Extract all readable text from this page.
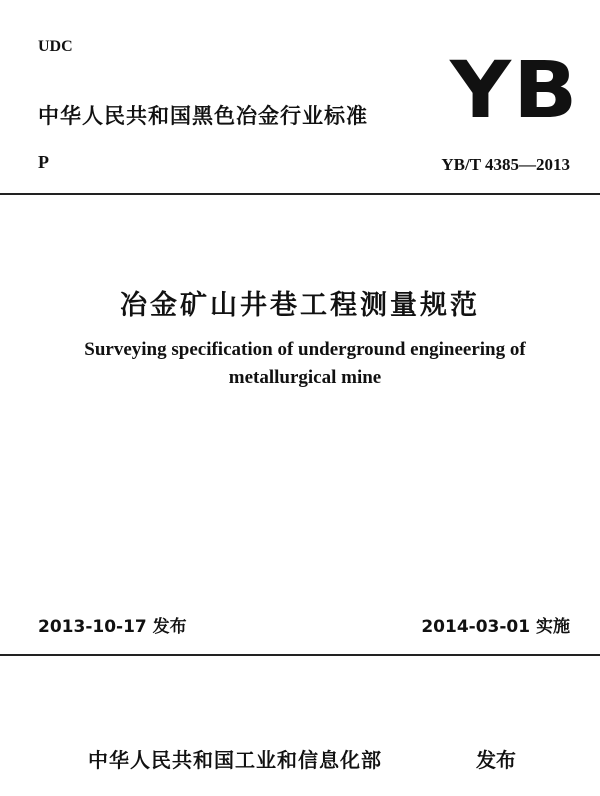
UDC
中华人民共和国黑色冶金行业标准 YB
P	YB/T 4385—2013
冶金矿山井巷工程测量规范
Surveying specification of underground engineering of
metallurgical mine
2013-10-17 发布	2014-03-01 实施
中华人民共和国工业和信息化部	发布
